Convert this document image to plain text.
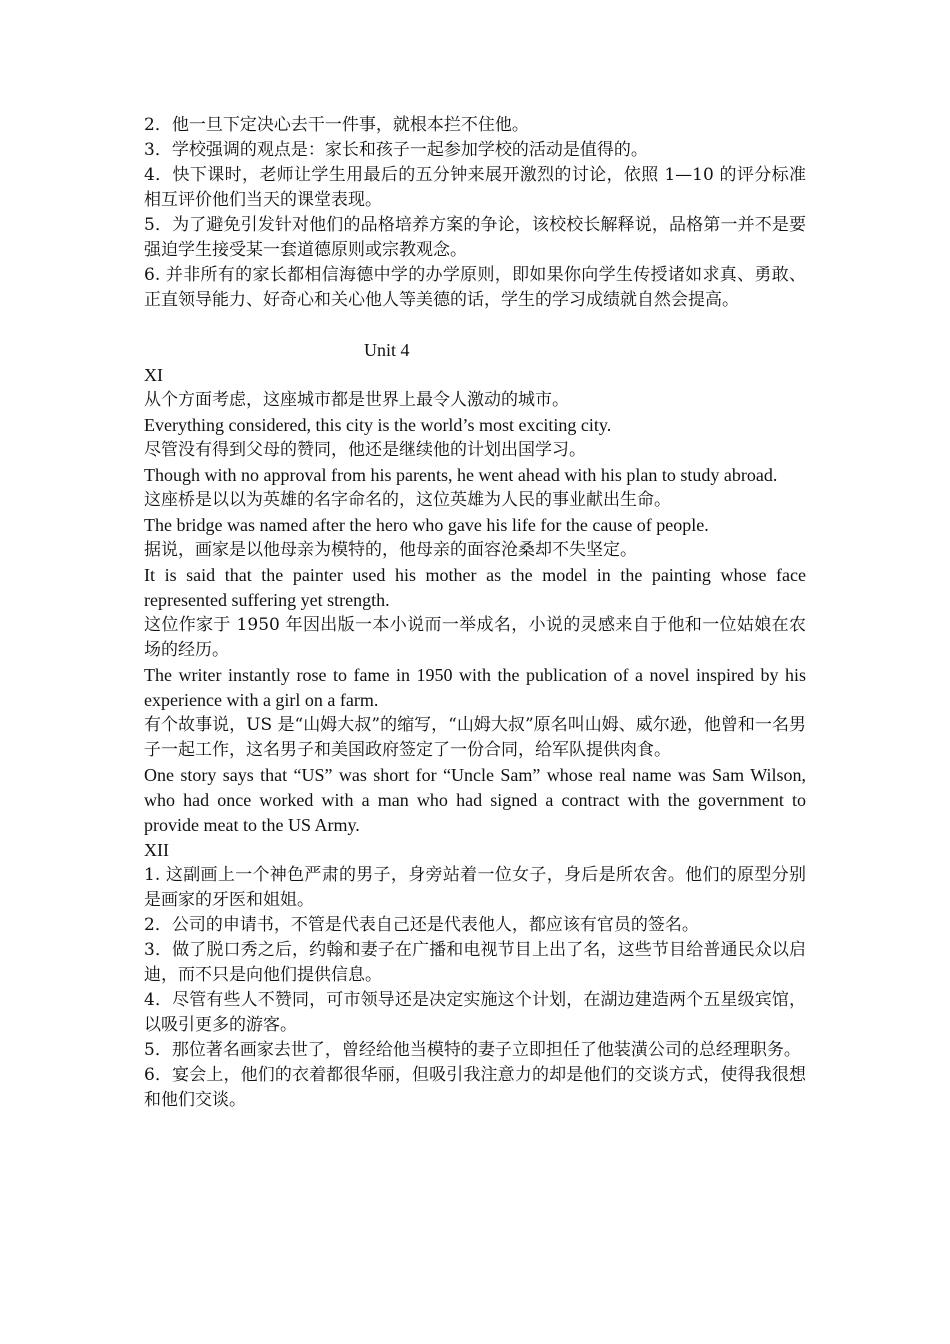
2．他一旦下定决心去干一件事，就根本拦不住他。

3．学校强调的观点是：家长和孩子一起参加学校的活动是值得的。

4．快下课时，老师让学生用最后的五分钟来展开激烈的讨论，依照 1—10 的评分标准相互评价他们当天的课堂表现。

5．为了避免引发针对他们的品格培养方案的争论，该校校长解释说，品格第一并不是要强迫学生接受某一套道德原则或宗教观念。

6. 并非所有的家长都相信海德中学的办学原则，即如果你向学生传授诸如求真、勇敢、正直领导能力、好奇心和关心他人等美德的话，学生的学习成绩就自然会提高。

Unit 4

XI

从个方面考虑，这座城市都是世界上最令人激动的城市。

Everything considered, this city is the world’s most exciting city.

尽管没有得到父母的赞同，他还是继续他的计划出国学习。

Though with no approval from his parents, he went ahead with his plan to study abroad.

这座桥是以以为英雄的名字命名的，这位英雄为人民的事业献出生命。

The bridge was named after the hero who gave his life for the cause of people.

据说，画家是以他母亲为模特的，他母亲的面容沧桑却不失坚定。

It is said that the painter used his mother as the model in the painting whose face represented suffering yet strength.

这位作家于 1950 年因出版一本小说而一举成名，小说的灵感来自于他和一位姑娘在农场的经历。

The writer instantly rose to fame in 1950 with the publication of a novel inspired by his experience with a girl on a farm.

有个故事说，US 是“山姆大叔”的缩写，“山姆大叔”原名叫山姆、威尔逊，他曾和一名男子一起工作，这名男子和美国政府签定了一份合同，给军队提供肉食。

One story says that “US” was short for “Uncle Sam” whose real name was Sam Wilson, who had once worked with a man who had signed a contract with the government to provide meat to the US Army.

XII

1. 这副画上一个神色严肃的男子，身旁站着一位女子，身后是所农舍。他们的原型分别是画家的牙医和姐姐。

2．公司的申请书，不管是代表自己还是代表他人，都应该有官员的签名。

3．做了脱口秀之后，约翰和妻子在广播和电视节目上出了名，这些节目给普通民众以启迪，而不只是向他们提供信息。

4．尽管有些人不赞同，可市领导还是决定实施这个计划，在湖边建造两个五星级宾馆，以吸引更多的游客。

5．那位著名画家去世了，曾经给他当模特的妻子立即担任了他装潢公司的总经理职务。

6．宴会上，他们的衣着都很华丽，但吸引我注意力的却是他们的交谈方式，使得我很想和他们交谈。
